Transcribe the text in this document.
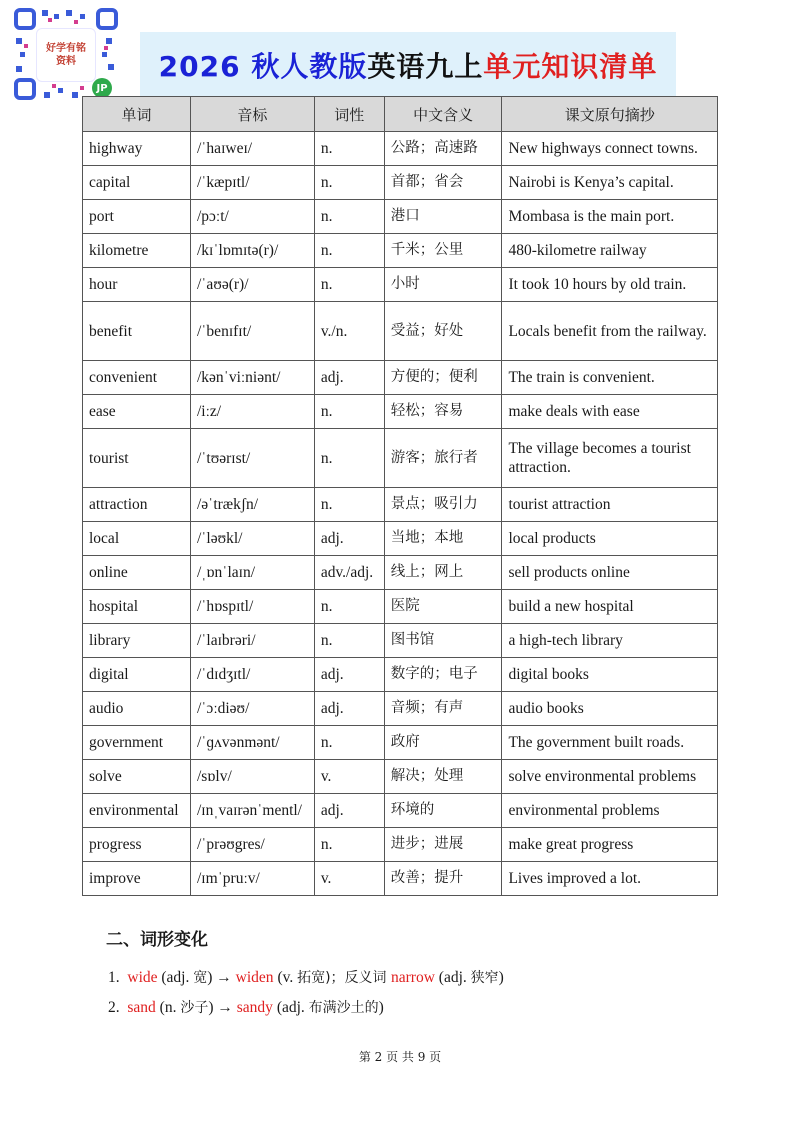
好学有铭
资料
JP
2026 秋人教版 英语九上 单元知识清单
单词	音标	词性	中文含义	课文原句摘抄
highway	/ˈhaɪweɪ/	n.	公路；高速路	New highways connect towns.
capital	/ˈkæpɪtl/	n.	首都；省会	Nairobi is Kenya’s capital.
port	/pɔːt/	n.	港口	Mombasa is the main port.
kilometre	/kɪˈlɒmɪtə(r)/	n.	千米；公里	480-kilometre railway
hour	/ˈaʊə(r)/	n.	小时	It took 10 hours by old train.
benefit	/ˈbenɪfɪt/	v./n.	受益；好处	Locals benefit from the railway.
convenient	/kənˈviːniənt/	adj.	方便的；便利	The train is convenient.
ease	/iːz/	n.	轻松；容易	make deals with ease
tourist	/ˈtʊərɪst/	n.	游客；旅行者	The village becomes a tourist attraction.
attraction	/əˈtrækʃn/	n.	景点；吸引力	tourist attraction
local	/ˈləʊkl/	adj.	当地；本地	local products
online	/ˌɒnˈlaɪn/	adv./adj.	线上；网上	sell products online
hospital	/ˈhɒspɪtl/	n.	医院	build a new hospital
library	/ˈlaɪbrəri/	n.	图书馆	a high-tech library
digital	/ˈdɪdʒɪtl/	adj.	数字的；电子	digital books
audio	/ˈɔːdiəʊ/	adj.	音频；有声	audio books
government	/ˈɡʌvənmənt/	n.	政府	The government built roads.
solve	/sɒlv/	v.	解决；处理	solve environmental problems
environmental	/ɪnˌvaɪrənˈmentl/	adj.	环境的	environmental problems
progress	/ˈprəʊgres/	n.	进步；进展	make great progress
improve	/ɪmˈpruːv/	v.	改善；提升	Lives improved a lot.
二、词形变化
1. wide (adj. 宽) → widen (v. 拓宽)；反义词 narrow (adj. 狭窄)
2. sand (n. 沙子) → sandy (adj. 布满沙土的)
第 2 页 共 9 页
